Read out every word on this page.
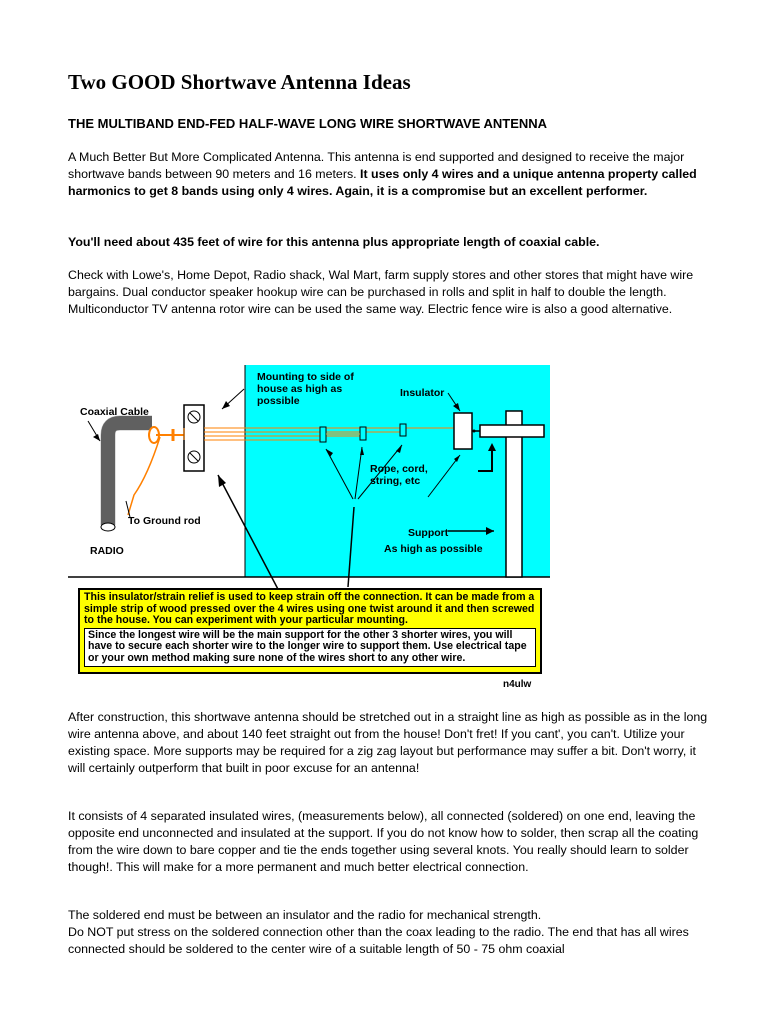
Two GOOD Shortwave Antenna Ideas

THE MULTIBAND END-FED HALF-WAVE LONG WIRE SHORTWAVE ANTENNA

A Much Better But More Complicated Antenna. This antenna is end supported and designed to receive the major shortwave bands between 90 meters and 16 meters. It uses only 4 wires and a unique antenna property called harmonics to get 8 bands using only 4 wires. Again, it is a compromise but an excellent performer.

You'll need about 435 feet of wire for this antenna plus appropriate length of coaxial cable.

Check with Lowe's, Home Depot, Radio shack, Wal Mart, farm supply stores and other stores that might have wire bargains. Dual conductor speaker hookup wire can be purchased in rolls and split in half to double the length. Multiconductor TV antenna rotor wire can be used the same way. Electric fence wire is also a good alternative.

Mounting to side of house as high as possible
Insulator
Coaxial Cable
Rope, cord, string, etc
To Ground rod
RADIO
Support
As high as possible
This insulator/strain relief is used to keep strain off the connection. It can be made from a simple strip of wood pressed over the 4 wires using one twist around it and then screwed to the house. You can experiment with your particular mounting.
Since the longest wire will be the main support for the other 3 shorter wires, you will have to secure each shorter wire to the longer wire to support them. Use electrical tape or your own method making sure none of the wires short to any other wire.
n4ulw

After construction, this shortwave antenna should be stretched out in a straight line as high as possible as in the long wire antenna above, and about 140 feet straight out from the house! Don't fret! If you cant', you can't. Utilize your existing space. More supports may be required for a zig zag layout but performance may suffer a bit. Don't worry, it will certainly outperform that built in poor excuse for an antenna!

It consists of 4 separated insulated wires, (measurements below), all connected (soldered) on one end, leaving the opposite end unconnected and insulated at the support. If you do not know how to solder, then scrap all the coating from the wire down to bare copper and tie the ends together using several knots. You really should learn to solder though!. This will make for a more permanent and much better electrical connection.

The soldered end must be between an insulator and the radio for mechanical strength.
Do NOT put stress on the soldered connection other than the coax leading to the radio. The end that has all wires connected should be soldered to the center wire of a suitable length of 50 - 75 ohm coaxial
